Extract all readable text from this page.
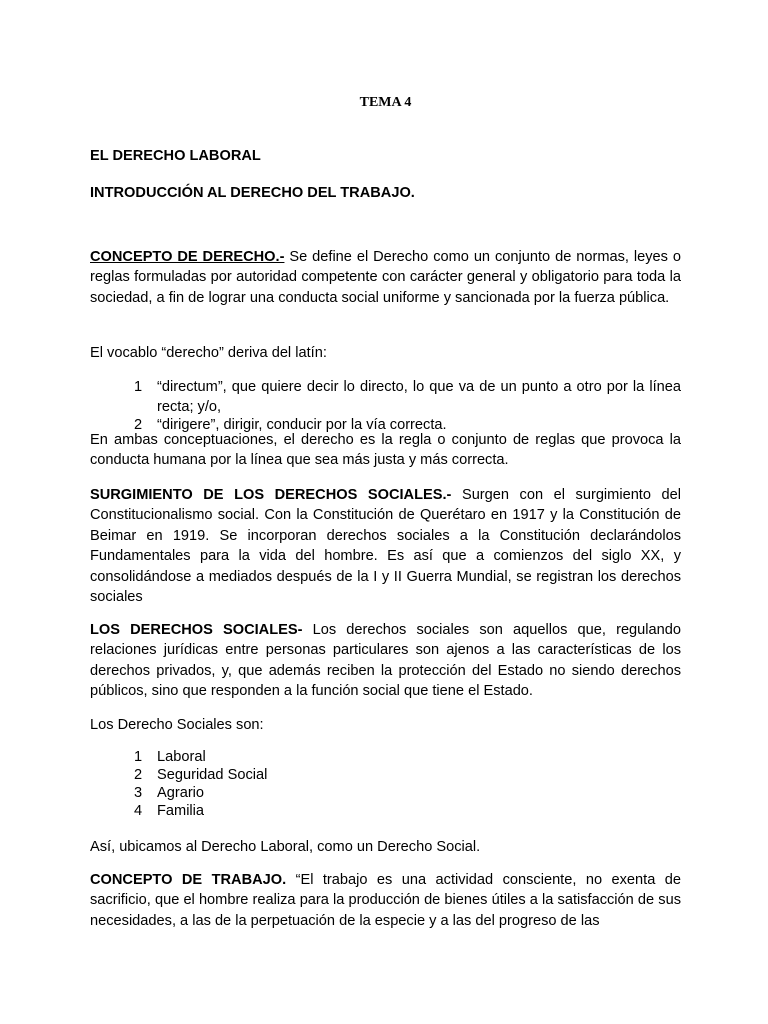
TEMA 4

EL DERECHO LABORAL

INTRODUCCIÓN AL DERECHO DEL TRABAJO.

CONCEPTO DE DERECHO.- Se define el Derecho como un conjunto de normas, leyes o reglas formuladas por autoridad competente con carácter general y obligatorio para toda la sociedad, a fin de lograr una conducta social uniforme y sancionada por la fuerza pública.

El vocablo “derecho” deriva del latín:

1	“directum”, que quiere decir lo directo, lo que va de un punto a otro por la línea recta; y/o,
2	“dirigere”, dirigir, conducir por la vía correcta.

En ambas conceptuaciones, el derecho es la regla o conjunto de reglas que provoca la conducta humana por la línea que sea más justa y más correcta.

SURGIMIENTO DE LOS DERECHOS SOCIALES.- Surgen con el surgimiento del Constitucionalismo social. Con la Constitución de Querétaro en 1917 y la Constitución de Beimar en 1919. Se incorporan derechos sociales a la Constitución declarándolos Fundamentales para la vida del hombre. Es así que a comienzos del siglo XX, y consolidándose a mediados después de la I y II Guerra Mundial, se registran los derechos sociales

LOS DERECHOS SOCIALES- Los derechos sociales son aquellos que, regulando relaciones jurídicas entre personas particulares son ajenos a las características de los derechos privados, y, que además reciben la protección del Estado no siendo derechos públicos, sino que responden a la función social que tiene el Estado.

Los Derecho Sociales son:

1	Laboral
2	Seguridad Social
3	Agrario
4	Familia

Así, ubicamos al Derecho Laboral, como un Derecho Social.

CONCEPTO DE TRABAJO. “El trabajo es una actividad consciente, no exenta de sacrificio, que el hombre realiza para la producción de bienes útiles a la satisfacción de sus necesidades, a las de la perpetuación de la especie y a las del progreso de las
